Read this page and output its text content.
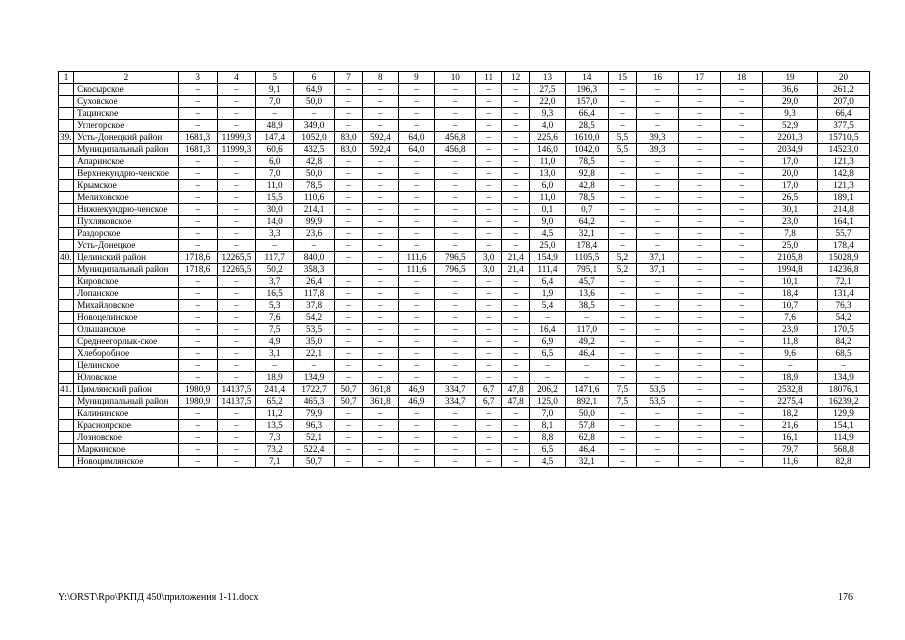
1	2	3	4	5	6	7	8	9	10	11	12	13	14	15	16	17	18	19	20
	Скосырское	–	–	9,1	64,9	–	–	–	–	–	–	27,5	196,3	–	–	–	–	36,6	261,2
	Суховское	–	–	7,0	50,0	–	–	–	–	–	–	22,0	157,0	–	–	–	–	29,0	207,0
	Тацинское	–	–	–	–	–	–	–	–	–	–	9,3	66,4	–	–	–	–	9,3	66,4
	Углегорское	–	–	48,9	349,0	–	–	–	–	–	–	4,0	28,5	–	–	–	–	52,9	377,5
39.	Усть-Донецкий район	1681,3	11999,3	147,4	1052,0	83,0	592,4	64,0	456,8	–	–	225,6	1610,0	5,5	39,3	–	–	2201,3	15710,5
	Муниципальный район	1681,3	11999,3	60,6	432,5	83,0	592,4	64,0	456,8	–	–	146,0	1042,0	5,5	39,3	–	–	2034,9	14523,0
	Апаринское	–	–	6,0	42,8	–	–	–	–	–	–	11,0	78,5	–	–	–	–	17,0	121,3
	Верхнекундрю-ченское	–	–	7,0	50,0	–	–	–	–	–	–	13,0	92,8	–	–	–	–	20,0	142,8
	Крымское	–	–	11,0	78,5	–	–	–	–	–	–	6,0	42,8	–	–	–	–	17,0	121,3
	Мелиховское	–	–	15,5	110,6	–	–	–	–	–	–	11,0	78,5	–	–	–	–	26,5	189,1
	Нижнекундрю-ченское	–	–	30,0	214,1	–	–	–	–	–	–	0,1	0,7	–	–	–	–	30,1	214,8
	Пухляковское	–	–	14,0	99,9	–	–	–	–	–	–	9,0	64,2	–	–	–	–	23,0	164,1
	Раздорское	–	–	3,3	23,6	–	–	–	–	–	–	4,5	32,1	–	–	–	–	7,8	55,7
	Усть-Донецкое	–	–	–	–	–	–	–	–	–	–	25,0	178,4	–	–	–	–	25,0	178,4
40.	Целинский район	1718,6	12265,5	117,7	840,0	–	–	111,6	796,5	3,0	21,4	154,9	1105,5	5,2	37,1	–	–	2105,8	15028,9
	Муниципальный район	1718,6	12265,5	50,2	358,3		–	111,6	796,5	3,0	21,4	111,4	795,1	5,2	37,1	–	–	1994,8	14236,8
	Кировское	–	–	3,7	26,4	–	–	–	–	–	–	6,4	45,7	–	–	–	–	10,1	72,1
	Лопанское	–	–	16,5	117,8	–	–	–	–	–	–	1,9	13,6	–	–	–	–	18,4	131,4
	Михайловское	–	–	5,3	37,8	–	–	–	–	–	–	5,4	38,5	–	–	–	–	10,7	76,3
	Новоцелинское	–	–	7,6	54,2	–	–	–	–	–	–	–	–	–	–	–	–	7,6	54,2
	Ольшанское	–	–	7,5	53,5	–	–	–	–	–	–	16,4	117,0	–	–	–	–	23,9	170,5
	Среднеегорлык-ское	–	–	4,9	35,0	–	–	–	–	–	–	6,9	49,2	–	–	–	–	11,8	84,2
	Хлеборобное	–	–	3,1	22,1	–	–	–	–	–	–	6,5	46,4	–	–	–	–	9,6	68,5
	Целинское	–	–	–	–	–	–	–	–	–	–	–	–	–	–	–	–	–	–
	Юловское	–	–	18,9	134,9	–	–	–	–	–	–	–	–	–	–	–	–	18,9	134,9
41.	Цимлянский район	1980,9	14137,5	241,4	1722,7	50,7	361,8	46,9	334,7	6,7	47,8	206,2	1471,6	7,5	53,5	–	–	2532,8	18076,1
	Муниципальный район	1980,9	14137,5	65,2	465,3	50,7	361,8	46,9	334,7	6,7	47,8	125,0	892,1	7,5	53,5	–	–	2275,4	16239,2
	Калининское	–	–	11,2	79,9	–	–	–	–	–	–	7,0	50,0	–	–	–	–	18,2	129,9
	Красноярское	–	–	13,5	96,3	–	–	–	–	–	–	8,1	57,8	–	–	–	–	21,6	154,1
	Лозновское	–	–	7,3	52,1	–	–	–	–	–	–	8,8	62,8	–	–	–	–	16,1	114,9
	Маркинское	–	–	73,2	522,4	–	–	–	–	–	–	6,5	46,4	–	–	–	–	79,7	568,8
	Новоцимлянское	–	–	7,1	50,7	–	–	–	–	–	–	4,5	32,1	–	–	–	–	11,6	82,8
Y:\ORST\Rpo\РКПД 450\приложения 1-11.docx	176
